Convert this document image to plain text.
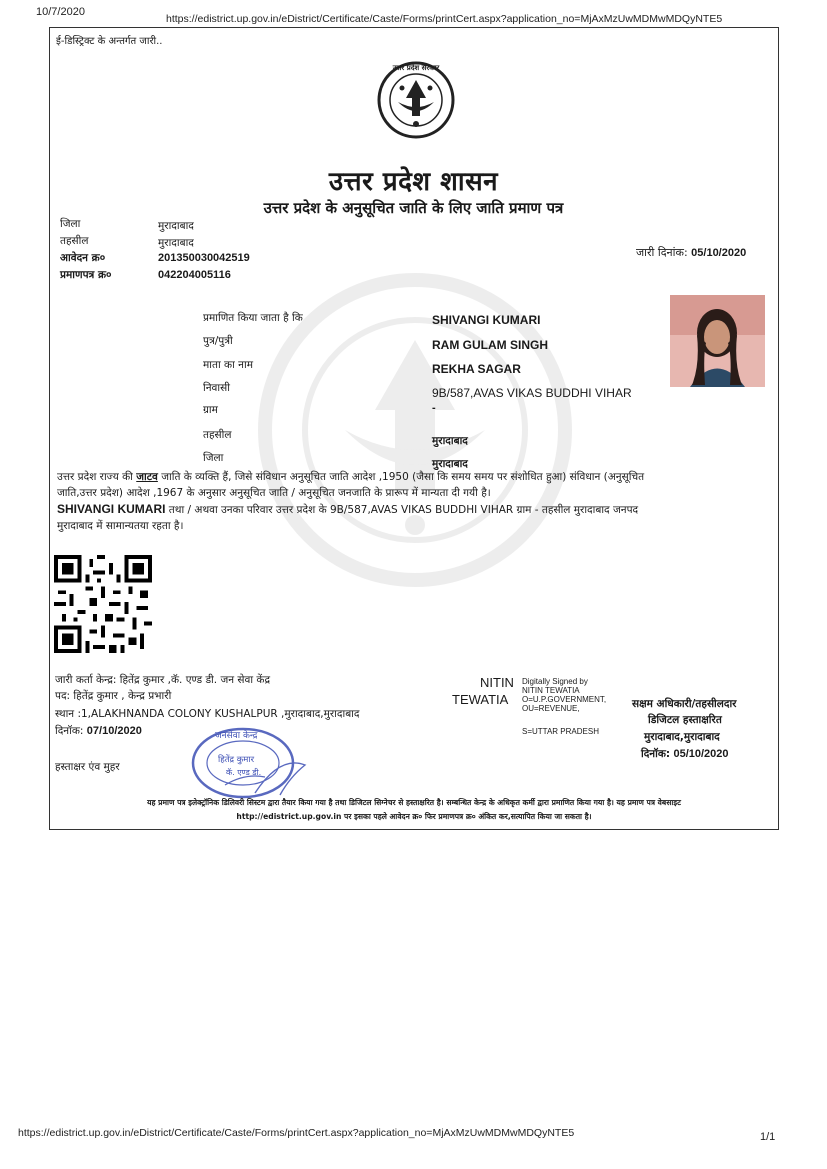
10/7/2020
https://edistrict.up.gov.in/eDistrict/Certificate/Caste/Forms/printCert.aspx?application_no=MjAxMzUwMDMwMDQyNTE5
https://edistrict.up.gov.in/eDistrict/Certificate/Caste/Forms/printCert.aspx?application_no=MjAxMzUwMDMwMDQyNTE5	1/1
ई-डिस्ट्रिक्ट के अन्तर्गत जारी..
उत्तर प्रदेश सरकार
उत्तर प्रदेश शासन
उत्तर प्रदेश के अनुसूचित जाति के लिए जाति प्रमाण पत्र
जिला	मुरादाबाद
तहसील	मुरादाबाद
आवेदन क्र०	201350030042519
प्रमाणपत्र क्र०	042204005116
जारी दिनांक: 05/10/2020
प्रमाणित किया जाता है कि	SHIVANGI KUMARI
पुत्र/पुत्री	RAM GULAM SINGH
माता का नाम	REKHA SAGAR
निवासी	9B/587,AVAS VIKAS BUDDHI VIHAR
ग्राम	-
तहसील	मुरादाबाद
जिला	मुरादाबाद
उत्तर प्रदेश राज्य की जाटव जाति के व्यक्ति हैं, जिसे संविधान अनुसूचित जाति आदेश ,1950 (जैसा कि समय समय पर संशोधित हुआ) संविधान (अनुसूचित
जाति,उत्तर प्रदेश) आदेश ,1967 के अनुसार अनुसूचित जाति / अनुसूचित जनजाति के प्रारूप में मान्यता दी गयी है।
SHIVANGI KUMARI तथा / अथवा उनका परिवार उत्तर प्रदेश के 9B/587,AVAS VIKAS BUDDHI VIHAR ग्राम - तहसील मुरादाबाद जनपद
मुरादाबाद में सामान्यतया रहता है।
जारी कर्ता केन्द्र: हितेंद्र कुमार ,कॅ. एण्ड डी. जन सेवा केंद्र
पद: हितेंद्र कुमार , केन्द्र प्रभारी
स्थान :1,ALAKHNANDA COLONY KUSHALPUR ,मुरादाबाद,मुरादाबाद
दिनॉक: 07/10/2020
हस्ताक्षर एंव मुहर
जनसेवा केन्द्र
हितेंद्र कुमार
कॅ. एण्ड डी.
NITIN
TEWATIA
Digitally Signed by
NITIN TEWATIA
O=U.P.GOVERNMENT,
OU=REVENUE,
S=UTTAR PRADESH
सक्षम अधिकारी/तहसीलदार
डिजिटल हस्ताक्षरित
मुरादाबाद,मुरादाबाद
दिनॉक: 05/10/2020
यह प्रमाण पत्र इलेक्ट्रॉनिक डिलिवरी सिस्टम द्वारा तैयार किया गया है तथा डिजिटल सिग्नेचर से हस्ताक्षरित है। सम्बन्धित केन्द्र के अधिकृत कर्मी द्वारा प्रमाणित किया गया है। यह प्रमाण पत्र वेबसाइट
http://edistrict.up.gov.in पर इसका पहले आवेदन क्र० फिर प्रमाणपत्र क्र० अंकित कर,सत्यापित किया जा सकता है।
